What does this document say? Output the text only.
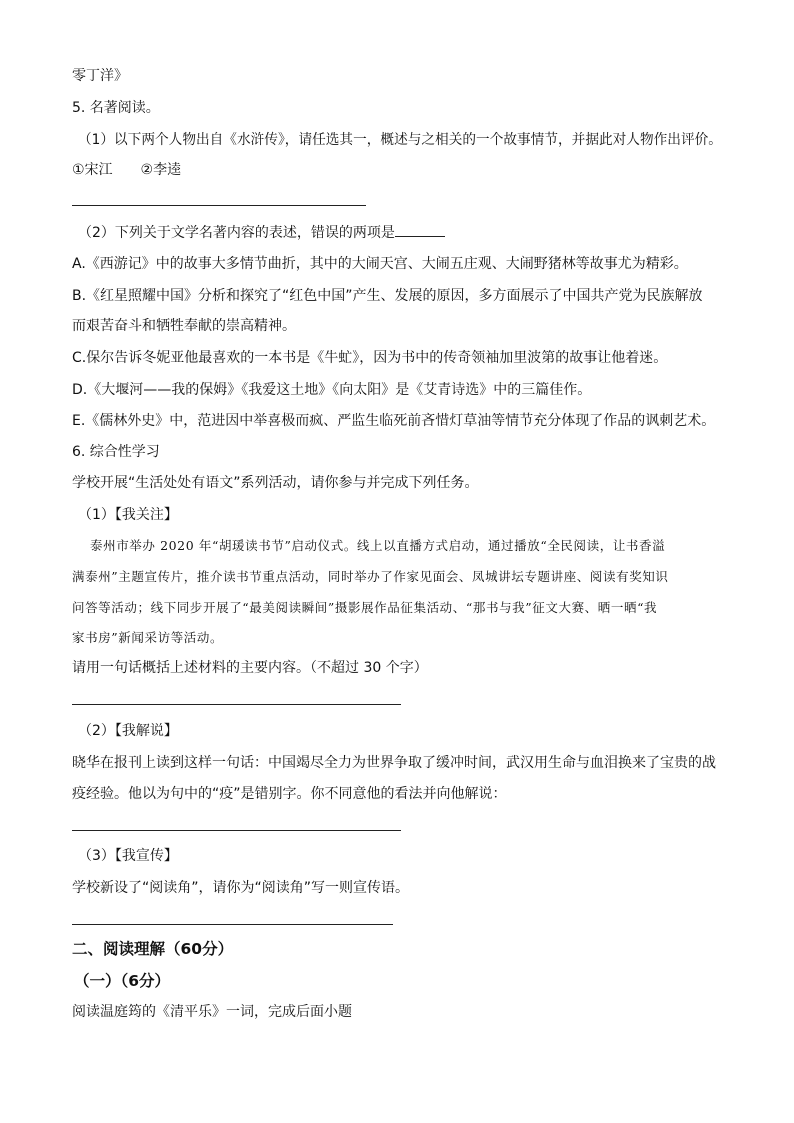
零丁洋》
5. 名著阅读。
（1）以下两个人物出自《水浒传》，请任选其一，概述与之相关的一个故事情节，并据此对人物作出评价。
①宋江　　②李逵
（2）下列关于文学名著内容的表述，错误的两项是
A.《西游记》中的故事大多情节曲折，其中的大闹天宫、大闹五庄观、大闹野猪林等故事尤为精彩。
B.《红星照耀中国》分析和探究了“红色中国”产生、发展的原因，多方面展示了中国共产党为民族解放
而艰苦奋斗和牺牲奉献的崇高精神。
C.保尔告诉冬妮亚他最喜欢的一本书是《牛虻》，因为书中的传奇领袖加里波第的故事让他着迷。
D.《大堰河——我的保姆》《我爱这土地》《向太阳》是《艾青诗选》中的三篇佳作。
E.《儒林外史》中，范进因中举喜极而疯、严监生临死前吝惜灯草油等情节充分体现了作品的讽刺艺术。
6. 综合性学习
学校开展“生活处处有语文”系列活动，请你参与并完成下列任务。
（1）【我关注】
泰州市举办 2020 年“胡瑗读书节”启动仪式。线上以直播方式启动，通过播放“全民阅读，让书香溢
满泰州”主题宣传片，推介读书节重点活动，同时举办了作家见面会、凤城讲坛专题讲座、阅读有奖知识
问答等活动；线下同步开展了“最美阅读瞬间”摄影展作品征集活动、“那书与我”征文大赛、晒一晒“我
家书房”新闻采访等活动。
请用一句话概括上述材料的主要内容。（不超过 30 个字）
（2）【我解说】
晓华在报刊上读到这样一句话：中国竭尽全力为世界争取了缓冲时间，武汉用生命与血泪换来了宝贵的战
疫经验。他以为句中的“疫”是错别字。你不同意他的看法并向他解说：
（3）【我宣传】
学校新设了“阅读角”，请你为“阅读角”写一则宣传语。
二、阅读理解（60分）
（一）（6分）
阅读温庭筠的《清平乐》一词，完成后面小题
